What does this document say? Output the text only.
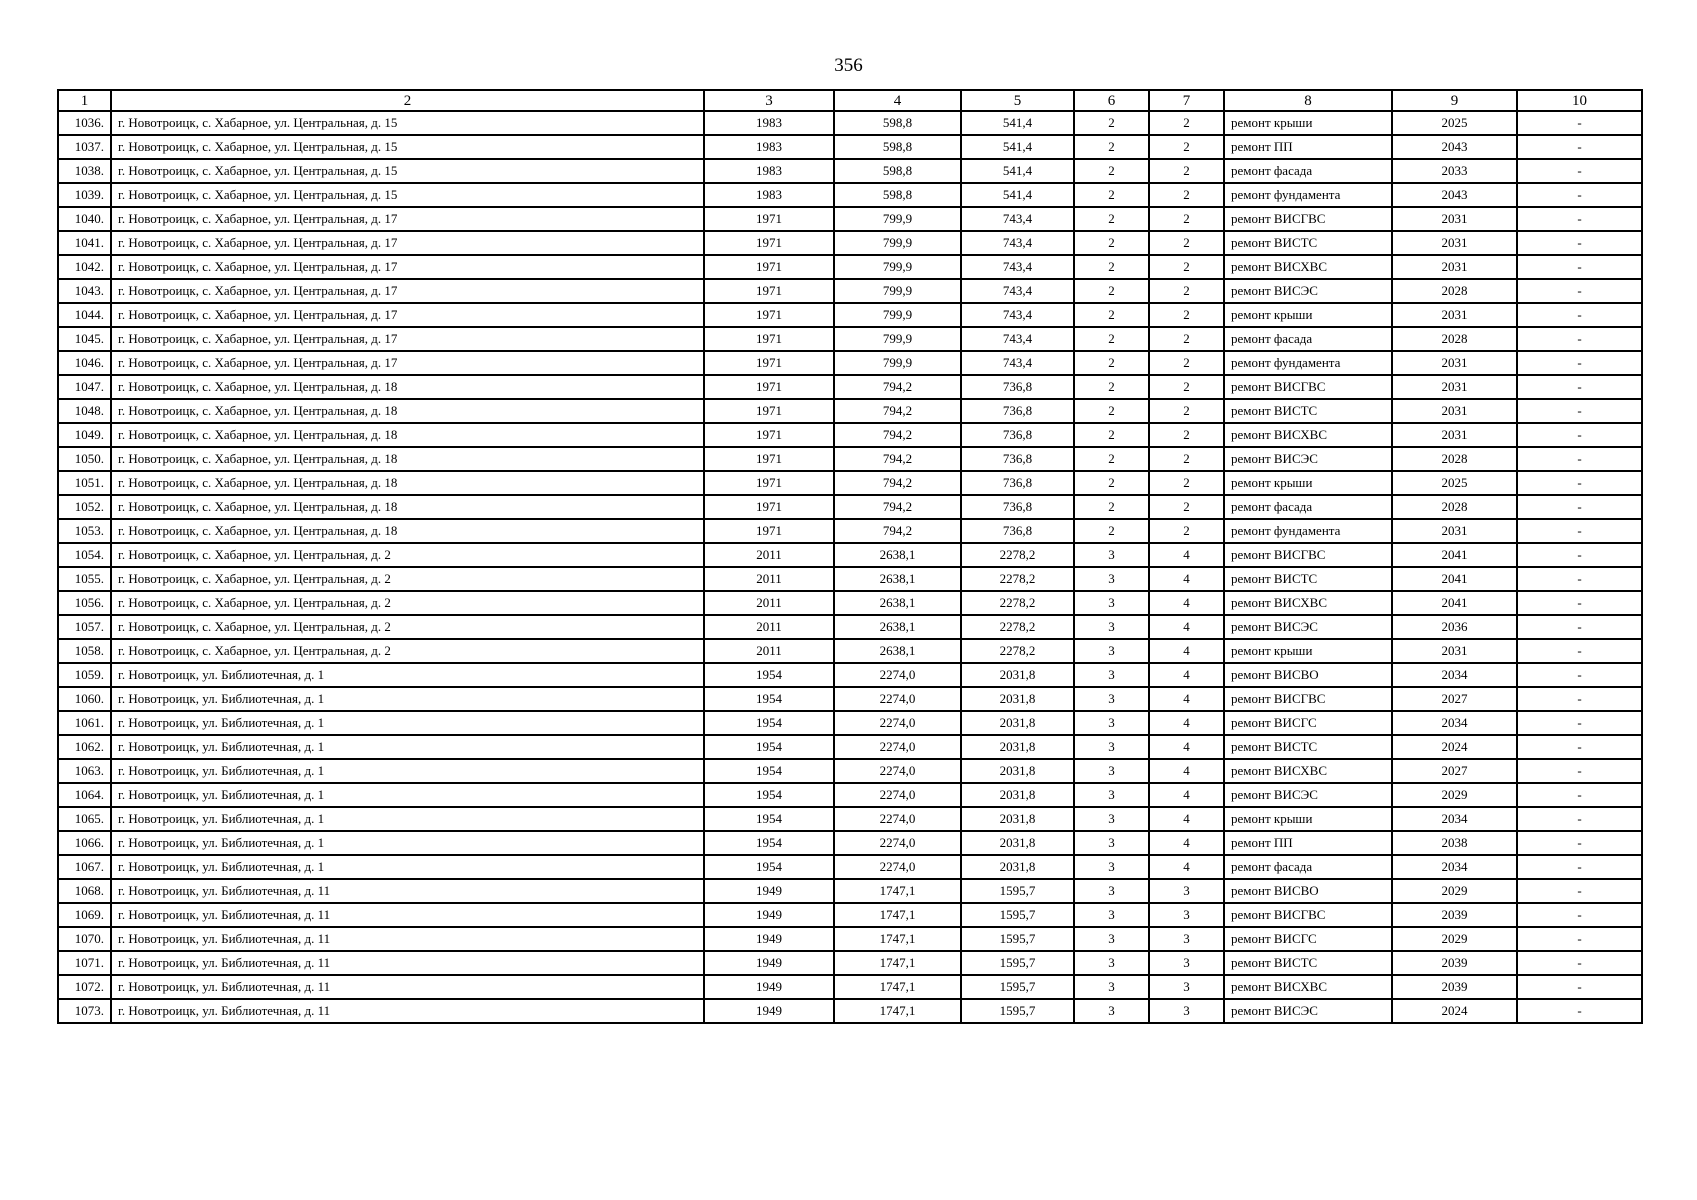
356
1	2	3	4	5	6	7	8	9	10
1036.	г. Новотроицк, с. Хабарное, ул. Центральная, д. 15	1983	598,8	541,4	2	2	ремонт крыши	2025	-
1037.	г. Новотроицк, с. Хабарное, ул. Центральная, д. 15	1983	598,8	541,4	2	2	ремонт ПП	2043	-
1038.	г. Новотроицк, с. Хабарное, ул. Центральная, д. 15	1983	598,8	541,4	2	2	ремонт фасада	2033	-
1039.	г. Новотроицк, с. Хабарное, ул. Центральная, д. 15	1983	598,8	541,4	2	2	ремонт фундамента	2043	-
1040.	г. Новотроицк, с. Хабарное, ул. Центральная, д. 17	1971	799,9	743,4	2	2	ремонт ВИСГВС	2031	-
1041.	г. Новотроицк, с. Хабарное, ул. Центральная, д. 17	1971	799,9	743,4	2	2	ремонт ВИСТС	2031	-
1042.	г. Новотроицк, с. Хабарное, ул. Центральная, д. 17	1971	799,9	743,4	2	2	ремонт ВИСХВС	2031	-
1043.	г. Новотроицк, с. Хабарное, ул. Центральная, д. 17	1971	799,9	743,4	2	2	ремонт ВИСЭС	2028	-
1044.	г. Новотроицк, с. Хабарное, ул. Центральная, д. 17	1971	799,9	743,4	2	2	ремонт крыши	2031	-
1045.	г. Новотроицк, с. Хабарное, ул. Центральная, д. 17	1971	799,9	743,4	2	2	ремонт фасада	2028	-
1046.	г. Новотроицк, с. Хабарное, ул. Центральная, д. 17	1971	799,9	743,4	2	2	ремонт фундамента	2031	-
1047.	г. Новотроицк, с. Хабарное, ул. Центральная, д. 18	1971	794,2	736,8	2	2	ремонт ВИСГВС	2031	-
1048.	г. Новотроицк, с. Хабарное, ул. Центральная, д. 18	1971	794,2	736,8	2	2	ремонт ВИСТС	2031	-
1049.	г. Новотроицк, с. Хабарное, ул. Центральная, д. 18	1971	794,2	736,8	2	2	ремонт ВИСХВС	2031	-
1050.	г. Новотроицк, с. Хабарное, ул. Центральная, д. 18	1971	794,2	736,8	2	2	ремонт ВИСЭС	2028	-
1051.	г. Новотроицк, с. Хабарное, ул. Центральная, д. 18	1971	794,2	736,8	2	2	ремонт крыши	2025	-
1052.	г. Новотроицк, с. Хабарное, ул. Центральная, д. 18	1971	794,2	736,8	2	2	ремонт фасада	2028	-
1053.	г. Новотроицк, с. Хабарное, ул. Центральная, д. 18	1971	794,2	736,8	2	2	ремонт фундамента	2031	-
1054.	г. Новотроицк, с. Хабарное, ул. Центральная, д. 2	2011	2638,1	2278,2	3	4	ремонт ВИСГВС	2041	-
1055.	г. Новотроицк, с. Хабарное, ул. Центральная, д. 2	2011	2638,1	2278,2	3	4	ремонт ВИСТС	2041	-
1056.	г. Новотроицк, с. Хабарное, ул. Центральная, д. 2	2011	2638,1	2278,2	3	4	ремонт ВИСХВС	2041	-
1057.	г. Новотроицк, с. Хабарное, ул. Центральная, д. 2	2011	2638,1	2278,2	3	4	ремонт ВИСЭС	2036	-
1058.	г. Новотроицк, с. Хабарное, ул. Центральная, д. 2	2011	2638,1	2278,2	3	4	ремонт крыши	2031	-
1059.	г. Новотроицк, ул. Библиотечная, д. 1	1954	2274,0	2031,8	3	4	ремонт ВИСВО	2034	-
1060.	г. Новотроицк, ул. Библиотечная, д. 1	1954	2274,0	2031,8	3	4	ремонт ВИСГВС	2027	-
1061.	г. Новотроицк, ул. Библиотечная, д. 1	1954	2274,0	2031,8	3	4	ремонт ВИСГС	2034	-
1062.	г. Новотроицк, ул. Библиотечная, д. 1	1954	2274,0	2031,8	3	4	ремонт ВИСТС	2024	-
1063.	г. Новотроицк, ул. Библиотечная, д. 1	1954	2274,0	2031,8	3	4	ремонт ВИСХВС	2027	-
1064.	г. Новотроицк, ул. Библиотечная, д. 1	1954	2274,0	2031,8	3	4	ремонт ВИСЭС	2029	-
1065.	г. Новотроицк, ул. Библиотечная, д. 1	1954	2274,0	2031,8	3	4	ремонт крыши	2034	-
1066.	г. Новотроицк, ул. Библиотечная, д. 1	1954	2274,0	2031,8	3	4	ремонт ПП	2038	-
1067.	г. Новотроицк, ул. Библиотечная, д. 1	1954	2274,0	2031,8	3	4	ремонт фасада	2034	-
1068.	г. Новотроицк, ул. Библиотечная, д. 11	1949	1747,1	1595,7	3	3	ремонт ВИСВО	2029	-
1069.	г. Новотроицк, ул. Библиотечная, д. 11	1949	1747,1	1595,7	3	3	ремонт ВИСГВС	2039	-
1070.	г. Новотроицк, ул. Библиотечная, д. 11	1949	1747,1	1595,7	3	3	ремонт ВИСГС	2029	-
1071.	г. Новотроицк, ул. Библиотечная, д. 11	1949	1747,1	1595,7	3	3	ремонт ВИСТС	2039	-
1072.	г. Новотроицк, ул. Библиотечная, д. 11	1949	1747,1	1595,7	3	3	ремонт ВИСХВС	2039	-
1073.	г. Новотроицк, ул. Библиотечная, д. 11	1949	1747,1	1595,7	3	3	ремонт ВИСЭС	2024	-
